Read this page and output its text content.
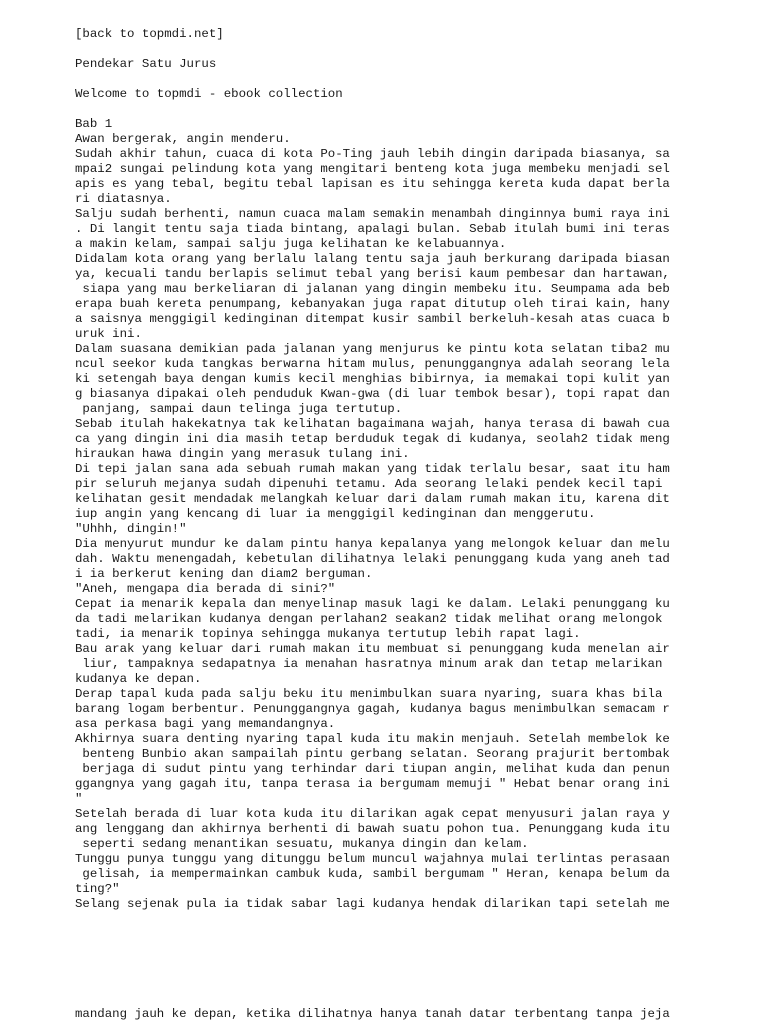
[back to topmdi.net]
Pendekar Satu Jurus
Welcome to topmdi - ebook collection
Bab 1
Awan bergerak, angin menderu.
Sudah akhir tahun, cuaca di kota Po-Ting jauh lebih dingin daripada biasanya, sa
mpai2 sungai pelindung kota yang mengitari benteng kota juga membeku menjadi sel
apis es yang tebal, begitu tebal lapisan es itu sehingga kereta kuda dapat berla
ri diatasnya.
Salju sudah berhenti, namun cuaca malam semakin menambah dinginnya bumi raya ini
. Di langit tentu saja tiada bintang, apalagi bulan. Sebab itulah bumi ini teras
a makin kelam, sampai salju juga kelihatan ke kelabuannya.
Didalam kota orang yang berlalu lalang tentu saja jauh berkurang daripada biasan
ya, kecuali tandu berlapis selimut tebal yang berisi kaum pembesar dan hartawan,
siapa yang mau berkeliaran di jalanan yang dingin membeku itu. Seumpama ada beb
erapa buah kereta penumpang, kebanyakan juga rapat ditutup oleh tirai kain, hany
a saisnya menggigil kedinginan ditempat kusir sambil berkeluh-kesah atas cuaca b
uruk ini.
Dalam suasana demikian pada jalanan yang menjurus ke pintu kota selatan tiba2 mu
ncul seekor kuda tangkas berwarna hitam mulus, penunggangnya adalah seorang lela
ki setengah baya dengan kumis kecil menghias bibirnya, ia memakai topi kulit yan
g biasanya dipakai oleh penduduk Kwan-gwa (di luar tembok besar), topi rapat dan
panjang, sampai daun telinga juga tertutup.
Sebab itulah hakekatnya tak kelihatan bagaimana wajah, hanya terasa di bawah cua
ca yang dingin ini dia masih tetap berduduk tegak di kudanya, seolah2 tidak meng
hiraukan hawa dingin yang merasuk tulang ini.
Di tepi jalan sana ada sebuah rumah makan yang tidak terlalu besar, saat itu ham
pir seluruh mejanya sudah dipenuhi tetamu. Ada seorang lelaki pendek kecil tapi
kelihatan gesit mendadak melangkah keluar dari dalam rumah makan itu, karena dit
iup angin yang kencang di luar ia menggigil kedinginan dan menggerutu.
"Uhhh, dingin!"
Dia menyurut mundur ke dalam pintu hanya kepalanya yang melongok keluar dan melu
dah. Waktu menengadah, kebetulan dilihatnya lelaki penunggang kuda yang aneh tad
i ia berkerut kening dan diam2 berguman.
"Aneh, mengapa dia berada di sini?"
Cepat ia menarik kepala dan menyelinap masuk lagi ke dalam. Lelaki penunggang ku
da tadi melarikan kudanya dengan perlahan2 seakan2 tidak melihat orang melongok
tadi, ia menarik topinya sehingga mukanya tertutup lebih rapat lagi.
Bau arak yang keluar dari rumah makan itu membuat si penunggang kuda menelan air
liur, tampaknya sedapatnya ia menahan hasratnya minum arak dan tetap melarikan
kudanya ke depan.
Derap tapal kuda pada salju beku itu menimbulkan suara nyaring, suara khas bila
barang logam berbentur. Penunggangnya gagah, kudanya bagus menimbulkan semacam r
asa perkasa bagi yang memandangnya.
Akhirnya suara denting nyaring tapal kuda itu makin menjauh. Setelah membelok ke
benteng Bunbio akan sampailah pintu gerbang selatan. Seorang prajurit bertombak
berjaga di sudut pintu yang terhindar dari tiupan angin, melihat kuda dan penun
ggangnya yang gagah itu, tanpa terasa ia bergumam memuji " Hebat benar orang ini
"
Setelah berada di luar kota kuda itu dilarikan agak cepat menyusuri jalan raya y
ang lenggang dan akhirnya berhenti di bawah suatu pohon tua. Penunggang kuda itu
seperti sedang menantikan sesuatu, mukanya dingin dan kelam.
Tunggu punya tunggu yang ditunggu belum muncul wajahnya mulai terlintas perasaan
gelisah, ia mempermainkan cambuk kuda, sambil bergumam " Heran, kenapa belum da
ting?"
Selang sejenak pula ia tidak sabar lagi kudanya hendak dilarikan tapi setelah me
mandang jauh ke depan, ketika dilihatnya hanya tanah datar terbentang tanpa jeja
